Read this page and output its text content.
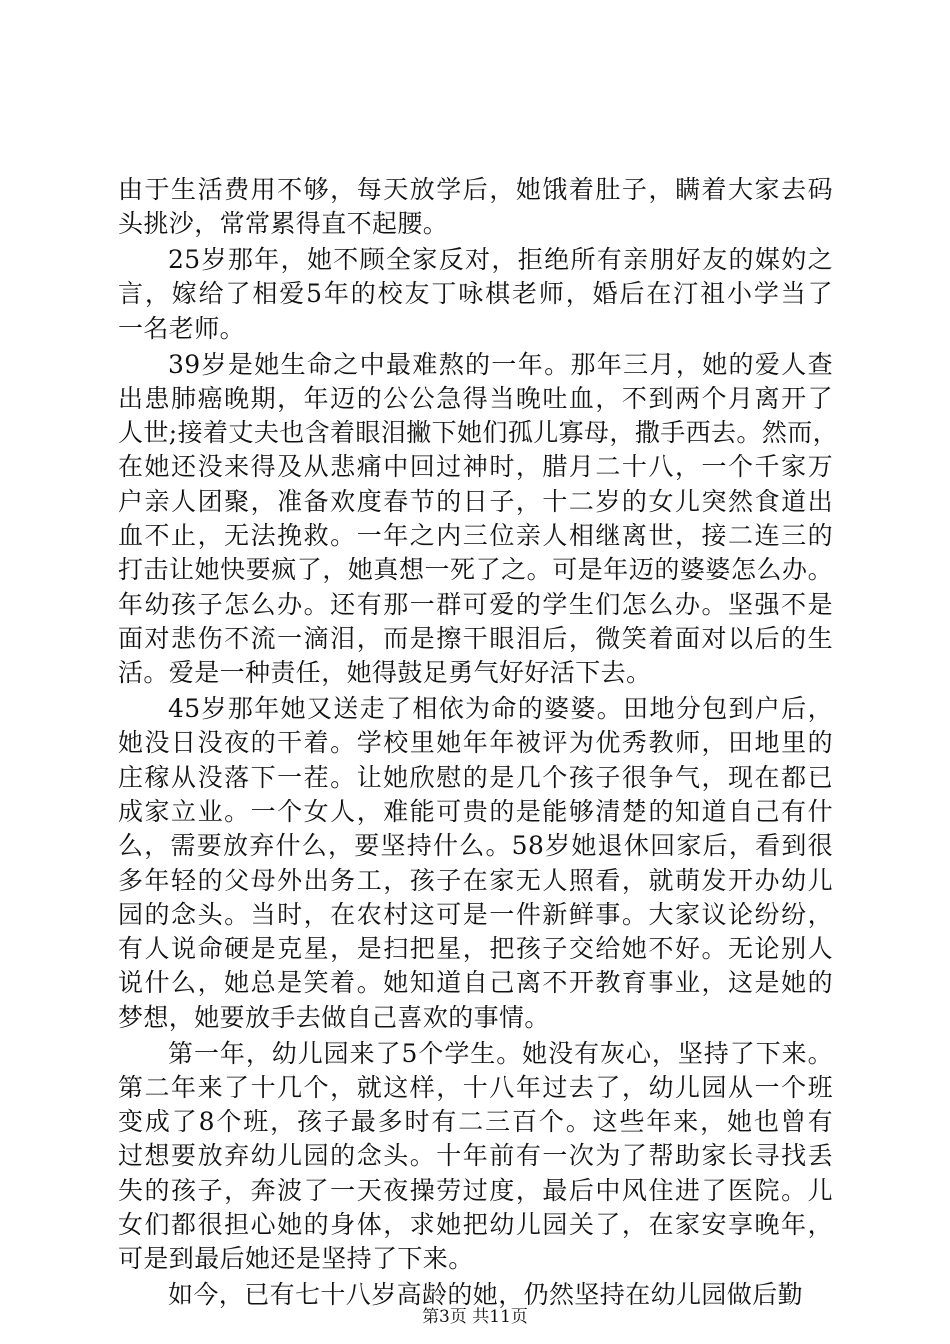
由于生活费用不够，每天放学后，她饿着肚子，瞒着大家去码
头挑沙，常常累得直不起腰。
25岁那年，她不顾全家反对，拒绝所有亲朋好友的媒妁之
言，嫁给了相爱5年的校友丁咏棋老师，婚后在汀祖小学当了
一名老师。
39岁是她生命之中最难熬的一年。那年三月，她的爱人查
出患肺癌晚期，年迈的公公急得当晚吐血，不到两个月离开了
人世;接着丈夫也含着眼泪撇下她们孤儿寡母，撒手西去。然而，
在她还没来得及从悲痛中回过神时，腊月二十八，一个千家万
户亲人团聚，准备欢度春节的日子，十二岁的女儿突然食道出
血不止，无法挽救。一年之内三位亲人相继离世，接二连三的
打击让她快要疯了，她真想一死了之。可是年迈的婆婆怎么办。
年幼孩子怎么办。还有那一群可爱的学生们怎么办。坚强不是
面对悲伤不流一滴泪，而是擦干眼泪后，微笑着面对以后的生
活。爱是一种责任，她得鼓足勇气好好活下去。
45岁那年她又送走了相依为命的婆婆。田地分包到户后，
她没日没夜的干着。学校里她年年被评为优秀教师，田地里的
庄稼从没落下一茬。让她欣慰的是几个孩子很争气，现在都已
成家立业。一个女人，难能可贵的是能够清楚的知道自己有什
么，需要放弃什么，要坚持什么。58岁她退休回家后，看到很
多年轻的父母外出务工，孩子在家无人照看，就萌发开办幼儿
园的念头。当时，在农村这可是一件新鲜事。大家议论纷纷，
有人说命硬是克星，是扫把星，把孩子交给她不好。无论别人
说什么，她总是笑着。她知道自己离不开教育事业，这是她的
梦想，她要放手去做自己喜欢的事情。
第一年，幼儿园来了5个学生。她没有灰心，坚持了下来。
第二年来了十几个，就这样，十八年过去了，幼儿园从一个班
变成了8个班，孩子最多时有二三百个。这些年来，她也曾有
过想要放弃幼儿园的念头。十年前有一次为了帮助家长寻找丢
失的孩子，奔波了一天夜操劳过度，最后中风住进了医院。儿
女们都很担心她的身体，求她把幼儿园关了，在家安享晚年，
可是到最后她还是坚持了下来。
如今，已有七十八岁高龄的她，仍然坚持在幼儿园做后勤
第3页 共11页
